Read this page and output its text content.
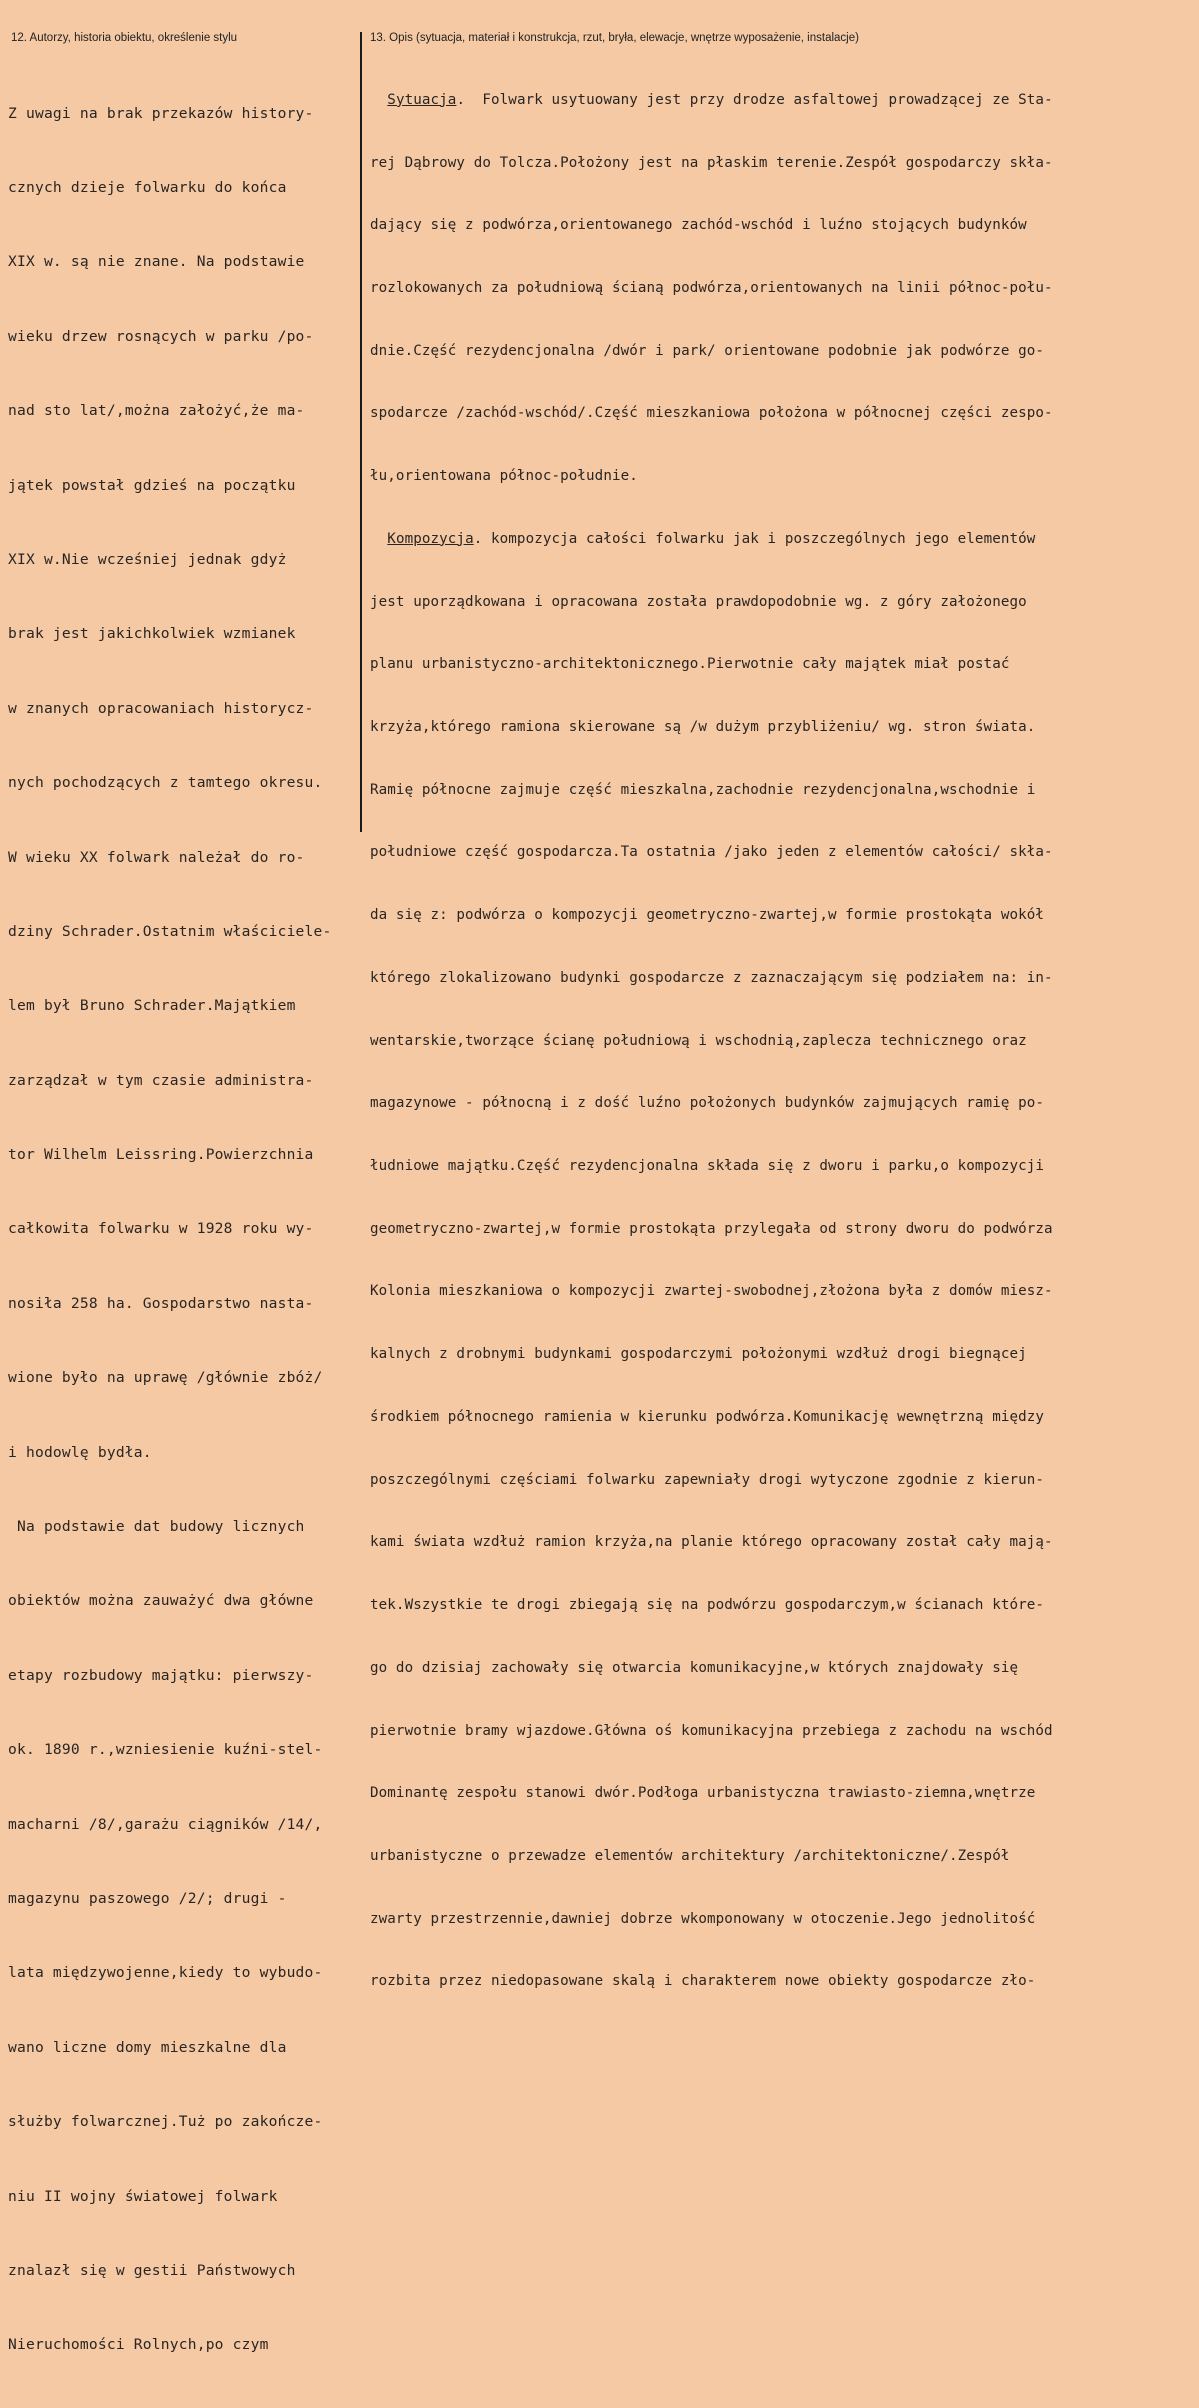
12. Autorzy, historia obiektu, określenie stylu	13. Opis (sytuacja, materiał i konstrukcja, rzut, bryła, elewacje, wnętrze wyposażenie, instalacje)

Z uwagi na brak przekazów history-

cznych dzieje folwarku do końca

XIX w. są nie znane. Na podstawie

wieku drzew rosnących w parku /po-

nad sto lat/,można założyć,że ma-

jątek powstał gdzieś na początku

XIX w.Nie wcześniej jednak gdyż

brak jest jakichkolwiek wzmianek

w znanych opracowaniach historycz-

nych pochodzących z tamtego okresu.

W wieku XX folwark należał do ro-

dziny Schrader.Ostatnim właściciele-

lem był Bruno Schrader.Majątkiem

zarządzał w tym czasie administra-

tor Wilhelm Leissring.Powierzchnia

całkowita folwarku w 1928 roku wy-

nosiła 258 ha. Gospodarstwo nasta-

wione było na uprawę /głównie zbóż/

i hodowlę bydła.

Na podstawie dat budowy licznych

obiektów można zauważyć dwa główne

etapy rozbudowy majątku: pierwszy-

ok. 1890 r.,wzniesienie kuźni-stel-

macharni /8/,garażu ciągników /14/,

magazynu paszowego /2/; drugi -

lata międzywojenne,kiedy to wybudo-

wano liczne domy mieszkalne dla

służby folwarcznej.Tuż po zakończe-

niu II wojny światowej folwark

znalazł się w gestii Państwowych

Nieruchomości Rolnych,po czym

Sytuacja.  Folwark usytuowany jest przy drodze asfaltowej prowadzącej ze Sta-

rej Dąbrowy do Tolcza.Położony jest na płaskim terenie.Zespół gospodarczy skła-

dający się z podwórza,orientowanego zachód-wschód i luźno stojących budynków

rozlokowanych za południową ścianą podwórza,orientowanych na linii północ-połu-

dnie.Część rezydencjonalna /dwór i park/ orientowane podobnie jak podwórze go-

spodarcze /zachód-wschód/.Część mieszkaniowa położona w północnej części zespo-

łu,orientowana północ-południe.

Kompozycja. kompozycja całości folwarku jak i poszczególnych jego elementów

jest uporządkowana i opracowana została prawdopodobnie wg. z góry założonego

planu urbanistyczno-architektonicznego.Pierwotnie cały majątek miał postać

krzyża,którego ramiona skierowane są /w dużym przybliżeniu/ wg. stron świata.

Ramię północne zajmuje część mieszkalna,zachodnie rezydencjonalna,wschodnie i

południowe część gospodarcza.Ta ostatnia /jako jeden z elementów całości/ skła-

da się z: podwórza o kompozycji geometryczno-zwartej,w formie prostokąta wokół

którego zlokalizowano budynki gospodarcze z zaznaczającym się podziałem na: in-

wentarskie,tworzące ścianę południową i wschodnią,zaplecza technicznego oraz

magazynowe - północną i z dość luźno położonych budynków zajmujących ramię po-

łudniowe majątku.Część rezydencjonalna składa się z dworu i parku,o kompozycji

geometryczno-zwartej,w formie prostokąta przylegała od strony dworu do podwórza

Kolonia mieszkaniowa o kompozycji zwartej-swobodnej,złożona była z domów miesz-

kalnych z drobnymi budynkami gospodarczymi położonymi wzdłuż drogi biegnącej

środkiem północnego ramienia w kierunku podwórza.Komunikację wewnętrzną między

poszczególnymi częściami folwarku zapewniały drogi wytyczone zgodnie z kierun-

kami świata wzdłuż ramion krzyża,na planie którego opracowany został cały mają-

tek.Wszystkie te drogi zbiegają się na podwórzu gospodarczym,w ścianach które-

go do dzisiaj zachowały się otwarcia komunikacyjne,w których znajdowały się

pierwotnie bramy wjazdowe.Główna oś komunikacyjna przebiega z zachodu na wschód

Dominantę zespołu stanowi dwór.Podłoga urbanistyczna trawiasto-ziemna,wnętrze

urbanistyczne o przewadze elementów architektury /architektoniczne/.Zespół

zwarty przestrzennie,dawniej dobrze wkomponowany w otoczenie.Jego jednolitość

rozbita przez niedopasowane skalą i charakterem nowe obiekty gospodarcze zło-
